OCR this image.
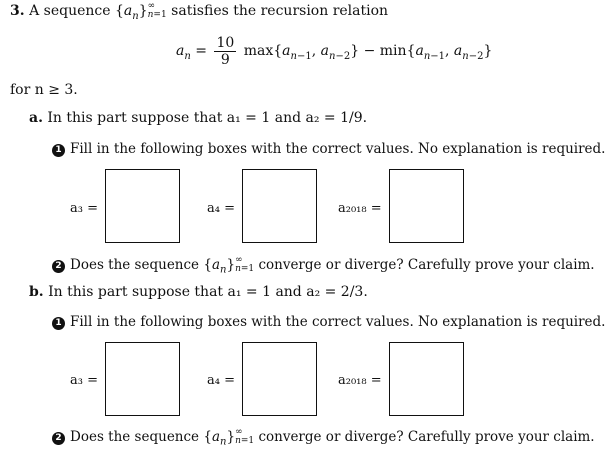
3. A sequence $\{a_n\}$ ∞
n=1 satisfies the recursion relation
$a_n = \frac{10}{9} \max\{a_{n-1}$, $a_{n-2}\} - \min\{a_{n-1}$, $a_{n-2}$}
for n ≥ 3.
a. In this part suppose that a₁ = 1 and a₂ = 1/9.
1 Fill in the following boxes with the correct values. No explanation is required.
a₃ =	a₄ =	a₂₀₁₈ =
2 Does the sequence $\{a_n\}$ ∞
n=1 converge or diverge? Carefully prove your claim.
b. In this part suppose that a₁ = 1 and a₂ = 2/3.
1 Fill in the following boxes with the correct values. No explanation is required.
a₃ =	a₄ =	a₂₀₁₈ =
2 Does the sequence $\{a_n\}$ ∞
n=1 converge or diverge? Carefully prove your claim.
